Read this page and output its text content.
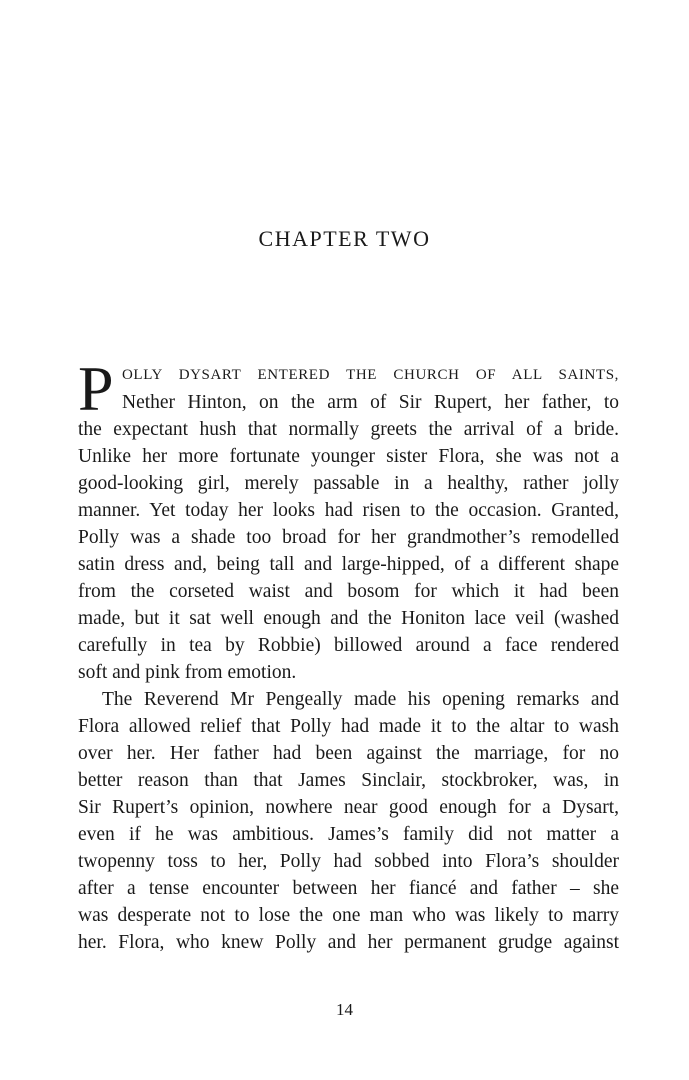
CHAPTER TWO
P OLLY DYSART ENTERED THE CHURCH OF ALL SAINTS,
Nether Hinton, on the arm of Sir Rupert, her father, to
the expectant hush that normally greets the arrival of a bride.
Unlike her more fortunate younger sister Flora, she was not a
good-looking girl, merely passable in a healthy, rather jolly
manner. Yet today her looks had risen to the occasion. Granted,
Polly was a shade too broad for her grandmother’s remodelled
satin dress and, being tall and large-hipped, of a different shape
from the corseted waist and bosom for which it had been
made, but it sat well enough and the Honiton lace veil (washed
carefully in tea by Robbie) billowed around a face rendered
soft and pink from emotion.
The Reverend Mr Pengeally made his opening remarks and
Flora allowed relief that Polly had made it to the altar to wash
over her. Her father had been against the marriage, for no
better reason than that James Sinclair, stockbroker, was, in
Sir Rupert’s opinion, nowhere near good enough for a Dysart,
even if he was ambitious. James’s family did not matter a
twopenny toss to her, Polly had sobbed into Flora’s shoulder
after a tense encounter between her fiancé and father – she
was desperate not to lose the one man who was likely to marry
her. Flora, who knew Polly and her permanent grudge against
14
